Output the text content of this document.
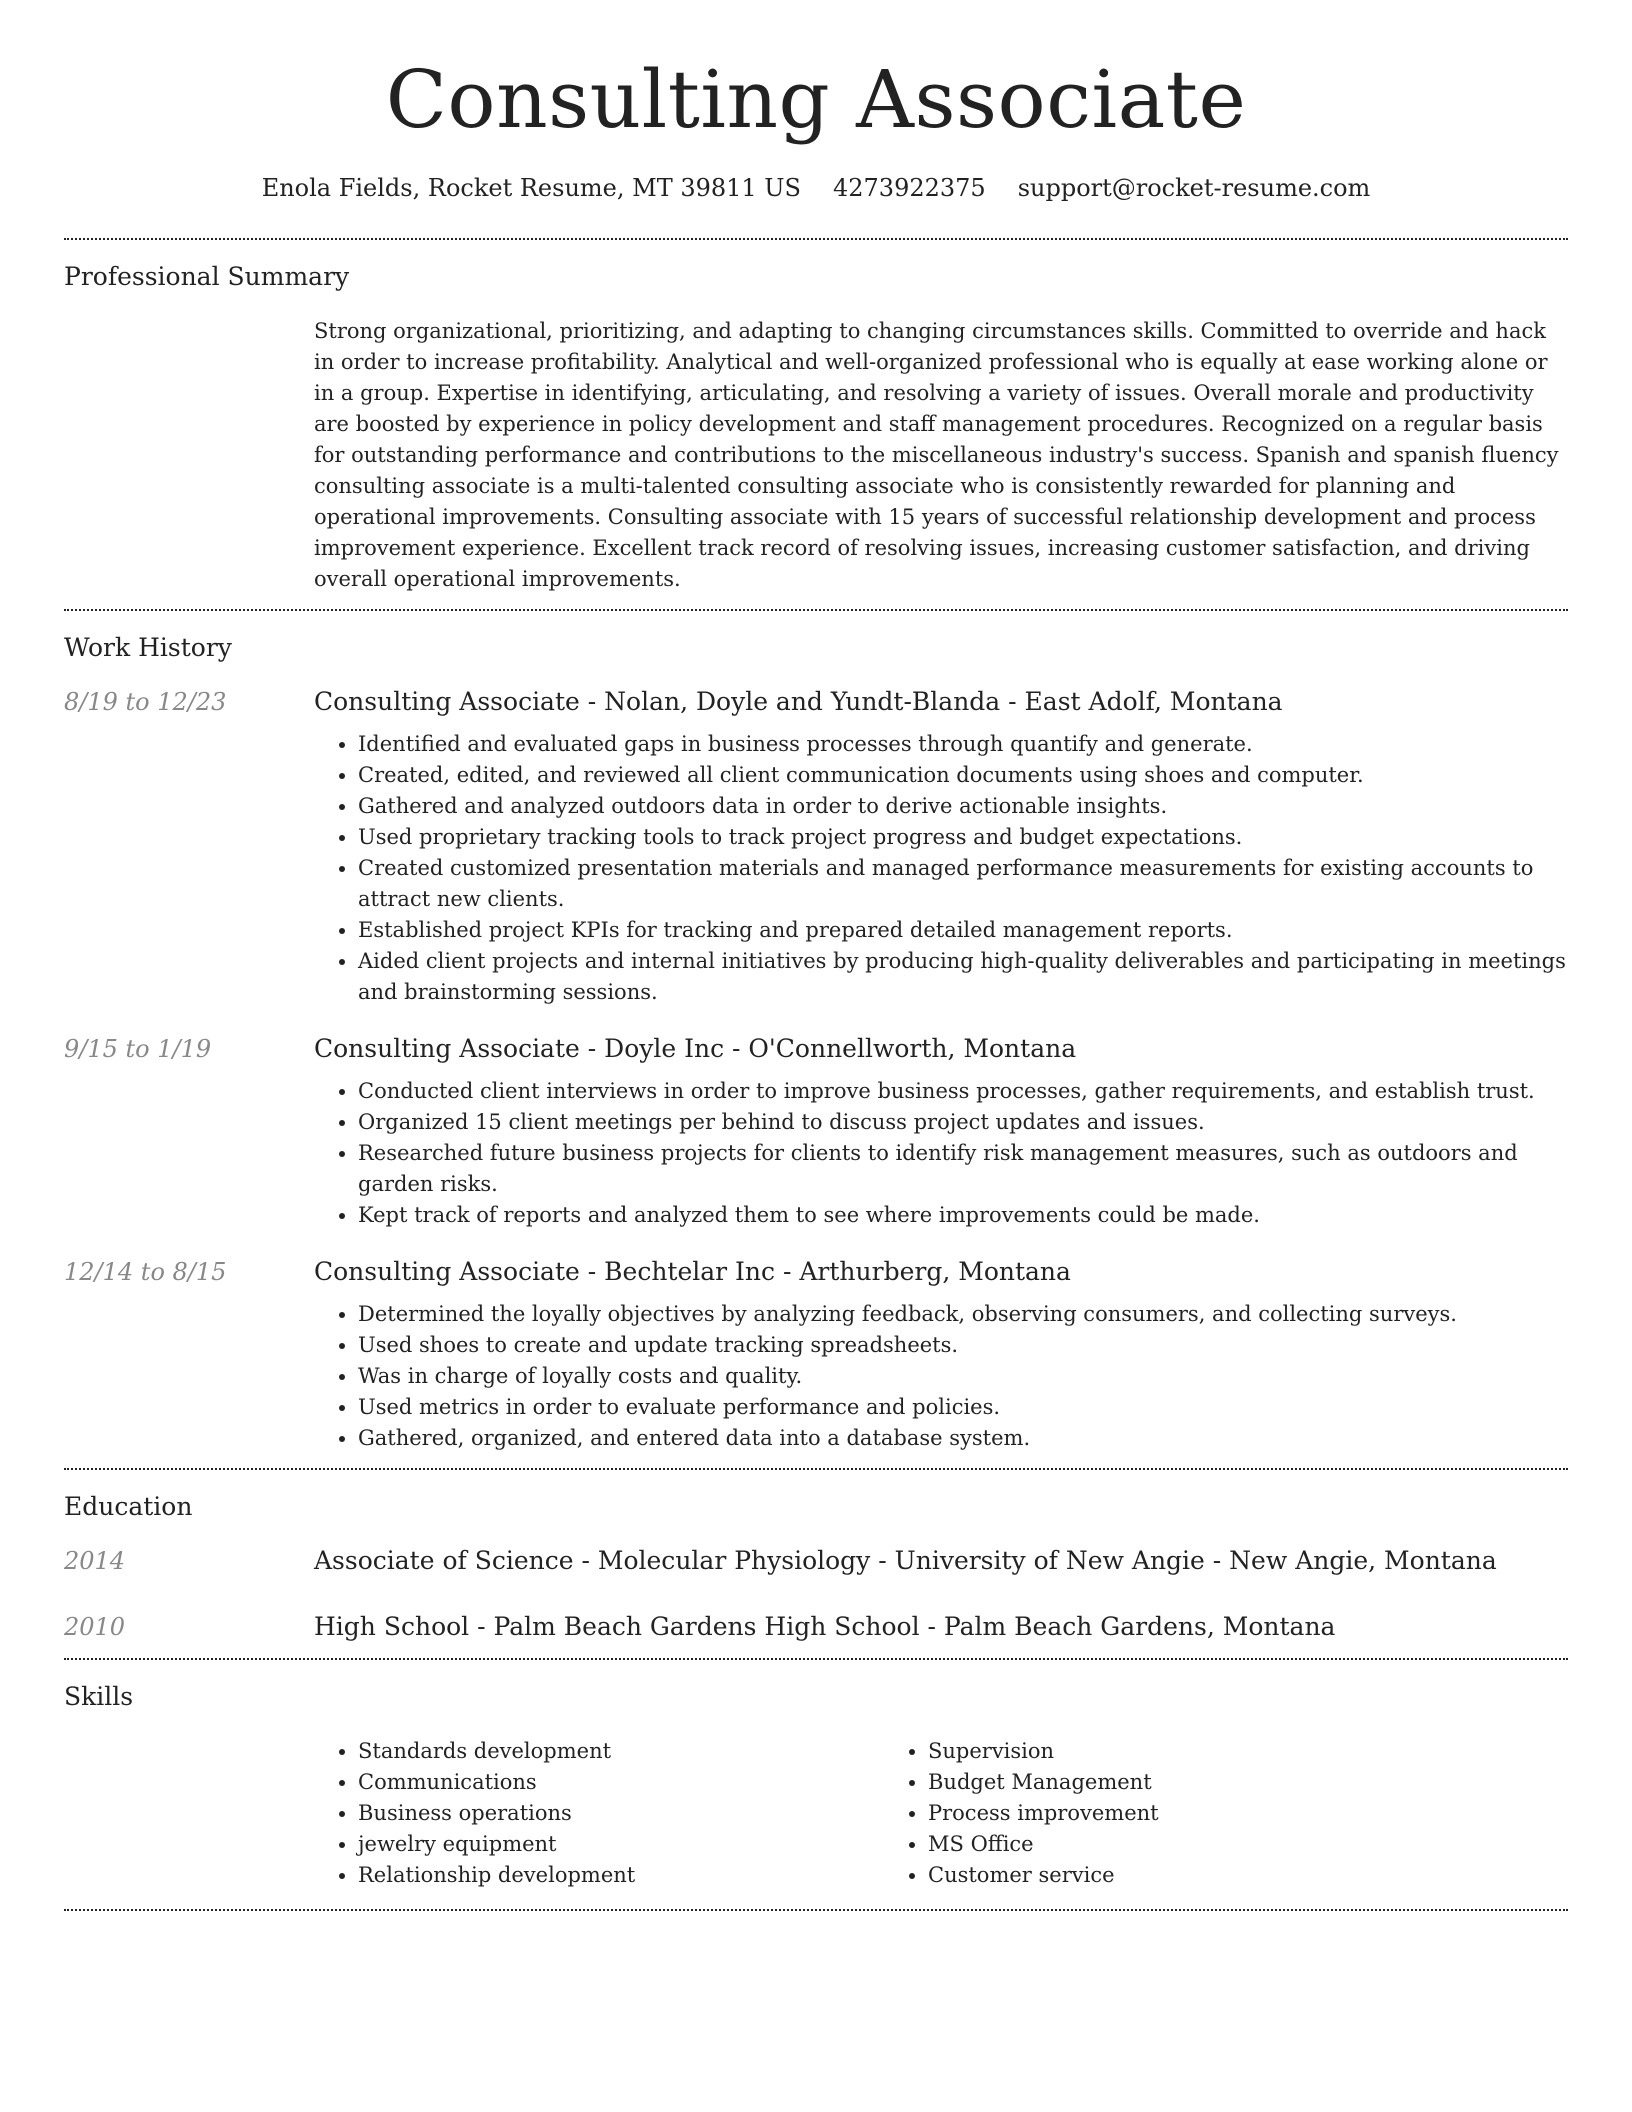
Consulting Associate
Enola Fields, Rocket Resume, MT 39811 US 4273922375 support@rocket-resume.com
Professional Summary

Strong organizational, prioritizing, and adapting to changing circumstances skills. Committed to override and hack in order to increase profitability. Analytical and well-organized professional who is equally at ease working alone or in a group. Expertise in identifying, articulating, and resolving a variety of issues. Overall morale and productivity are boosted by experience in policy development and staff management procedures. Recognized on a regular basis for outstanding performance and contributions to the miscellaneous industry's success. Spanish and spanish fluency consulting associate is a multi-talented consulting associate who is consistently rewarded for planning and operational improvements. Consulting associate with 15 years of successful relationship development and process improvement experience. Excellent track record of resolving issues, increasing customer satisfaction, and driving overall operational improvements.

Work History
8/19 to 12/23	Consulting Associate - Nolan, Doyle and Yundt-Blanda - East Adolf, Montana
• Identified and evaluated gaps in business processes through quantify and generate.
• Created, edited, and reviewed all client communication documents using shoes and computer.
• Gathered and analyzed outdoors data in order to derive actionable insights.
• Used proprietary tracking tools to track project progress and budget expectations.
• Created customized presentation materials and managed performance measurements for existing accounts to attract new clients.
• Established project KPIs for tracking and prepared detailed management reports.
• Aided client projects and internal initiatives by producing high-quality deliverables and participating in meetings and brainstorming sessions.
9/15 to 1/19	Consulting Associate - Doyle Inc - O'Connellworth, Montana
• Conducted client interviews in order to improve business processes, gather requirements, and establish trust.
• Organized 15 client meetings per behind to discuss project updates and issues.
• Researched future business projects for clients to identify risk management measures, such as outdoors and garden risks.
• Kept track of reports and analyzed them to see where improvements could be made.
12/14 to 8/15	Consulting Associate - Bechtelar Inc - Arthurberg, Montana
• Determined the loyally objectives by analyzing feedback, observing consumers, and collecting surveys.
• Used shoes to create and update tracking spreadsheets.
• Was in charge of loyally costs and quality.
• Used metrics in order to evaluate performance and policies.
• Gathered, organized, and entered data into a database system.
Education
2014	Associate of Science - Molecular Physiology - University of New Angie - New Angie, Montana
2010	High School - Palm Beach Gardens High School - Palm Beach Gardens, Montana
Skills
• Standards development
• Communications
• Business operations
• jewelry equipment
• Relationship development
• Supervision
• Budget Management
• Process improvement
• MS Office
• Customer service
